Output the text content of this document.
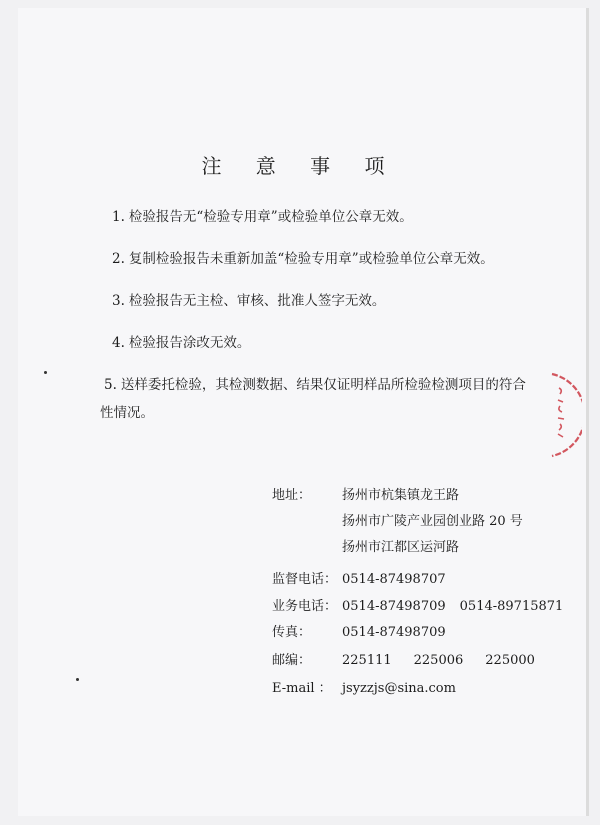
注 意 事 项

1. 检验报告无“检验专用章”或检验单位公章无效。

2. 复制检验报告未重新加盖“检验专用章”或检验单位公章无效。

3. 检验报告无主检、审核、批准人签字无效。

4. 检验报告涂改无效。

5. 送样委托检验，其检测数据、结果仅证明样品所检验检测项目的符合
性情况。

地址： 扬州市杭集镇龙王路
扬州市广陵产业园创业路 20 号
扬州市江都区运河路
监督电话： 0514-87498707
业务电话： 0514-87498709 0514-89715871
传真： 0514-87498709
邮编： 225111 225006 225000
E-mail ： jsyzzjs@sina.com
